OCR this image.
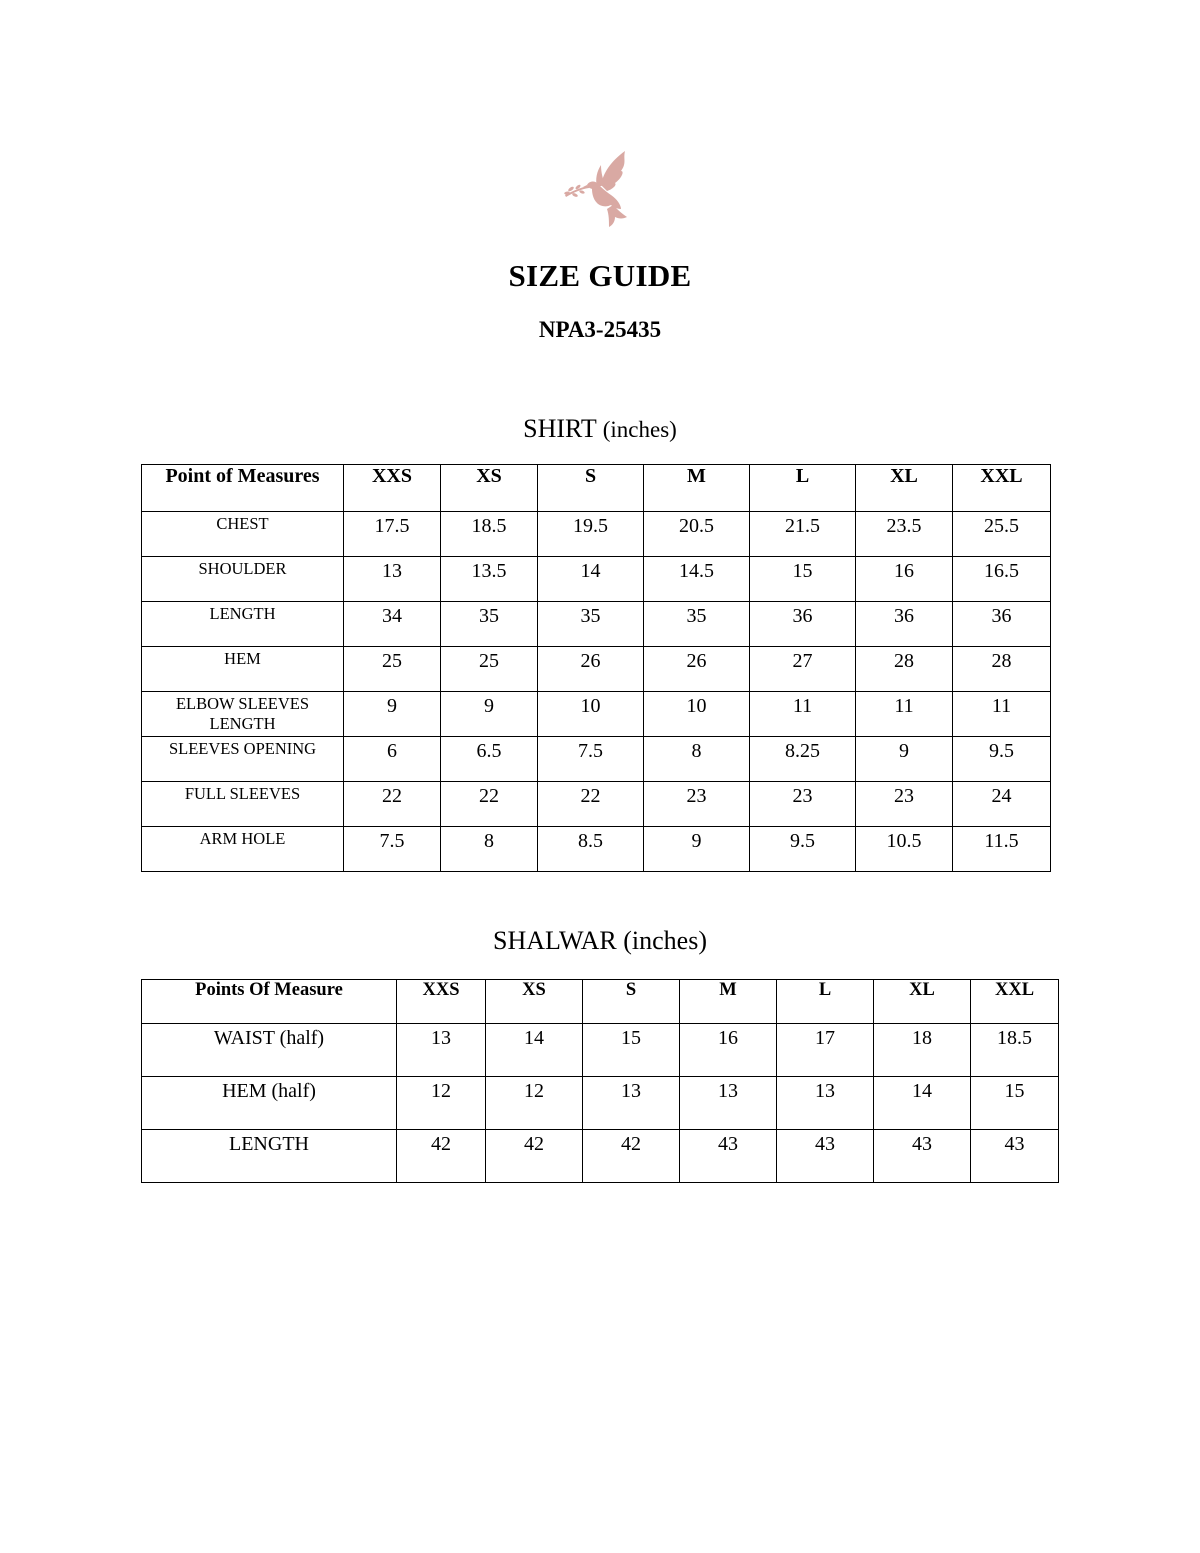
SIZE GUIDE
NPA3-25435
SHIRT (inches)
Point of Measures	XXS	XS	S	M	L	XL	XXL
CHEST	17.5	18.5	19.5	20.5	21.5	23.5	25.5
SHOULDER	13	13.5	14	14.5	15	16	16.5
LENGTH	34	35	35	35	36	36	36
HEM	25	25	26	26	27	28	28
ELBOW SLEEVES LENGTH	9	9	10	10	11	11	11
SLEEVES OPENING	6	6.5	7.5	8	8.25	9	9.5
FULL SLEEVES	22	22	22	23	23	23	24
ARM HOLE	7.5	8	8.5	9	9.5	10.5	11.5
SHALWAR (inches)
Points Of Measure	XXS	XS	S	M	L	XL	XXL
WAIST (half)	13	14	15	16	17	18	18.5
HEM (half)	12	12	13	13	13	14	15
LENGTH	42	42	42	43	43	43	43
